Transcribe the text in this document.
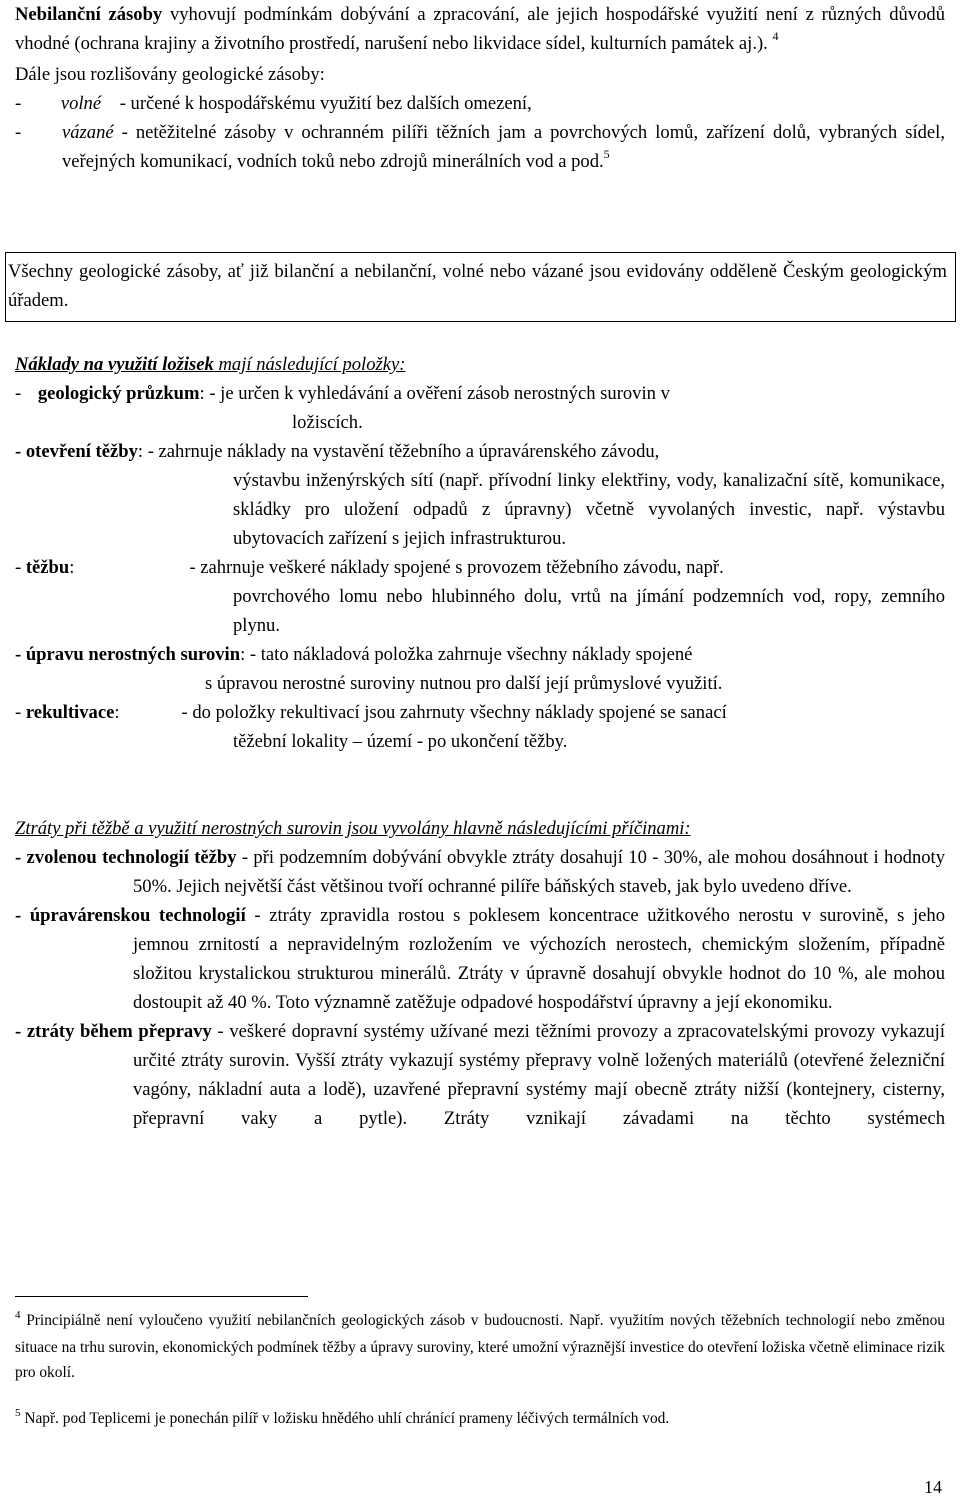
Nebilanční zásoby vyhovují podmínkám dobývání a zpracování, ale jejich hospodářské využití není z různých důvodů vhodné (ochrana krajiny a životního prostředí, narušení nebo likvidace sídel, kulturních památek aj.). $^4$

Dále jsou rozlišovány geologické zásoby:

- volné    - určené k hospodářskému využití bez dalších omezení,

-	vázané - netěžitelné zásoby v ochranném pilíři těžních jam a povrchových lomů, zařízení dolů, vybraných sídel, veřejných komunikací, vodních toků nebo zdrojů minerálních vod a pod.$^5$

Všechny geologické zásoby, ať již bilanční a nebilanční, volné nebo vázané jsou evidovány odděleně Českým geologickým úřadem.

Náklady na využití ložisek mají následující položky:

- geologický průzkum: - je určen k vyhledávání a ověření zásob nerostných surovin v

ložiscích.

- otevření těžby: - zahrnuje náklady na vystavění těžebního a úpravárenského závodu,

výstavbu inženýrských sítí (např. přívodní linky elektřiny, vody, kanalizační sítě, komunikace, skládky pro uložení odpadů z úpravny) včetně vyvolaných investic, např. výstavbu ubytovacích zařízení s jejich infrastrukturou.

- těžbu:	- zahrnuje veškeré náklady spojené s provozem těžebního závodu, např.

povrchového lomu nebo hlubinného dolu, vrtů na jímání podzemních vod, ropy, zemního plynu.

- úpravu nerostných surovin: - tato nákladová položka zahrnuje všechny náklady spojené

s úpravou nerostné suroviny nutnou pro další její průmyslové využití.

- rekultivace:	- do položky rekultivací jsou zahrnuty všechny náklady spojené se sanací

těžební lokality – území - po ukončení těžby.

Ztráty při těžbě a využití nerostných surovin jsou vyvolány hlavně následujícími příčinami:

- zvolenou technologií těžby - při podzemním dobývání obvykle ztráty dosahují 10 - 30%, ale mohou dosáhnout i hodnoty 50%. Jejich největší část většinou tvoří ochranné pilíře báňských staveb, jak bylo uvedeno dříve.

- úpravárenskou technologií - ztráty zpravidla rostou s poklesem koncentrace užitkového nerostu v surovině, s jeho jemnou zrnitostí a nepravidelným rozložením ve výchozích nerostech, chemickým složením, případně složitou krystalickou strukturou minerálů. Ztráty v úpravně dosahují obvykle hodnot do 10 %, ale mohou dostoupit až 40 %. Toto významně zatěžuje odpadové hospodářství úpravny a její ekonomiku.

- ztráty během přepravy - veškeré dopravní systémy užívané mezi těžními provozy a zpracovatelskými provozy vykazují určité ztráty surovin. Vyšší ztráty vykazují systémy přepravy volně ložených materiálů (otevřené železniční vagóny, nákladní auta a lodě), uzavřené přepravní systémy mají obecně ztráty nižší (kontejnery, cisterny, přepravní vaky a pytle). Ztráty vznikají závadami na těchto systémech

$^4$ Principiálně není vyloučeno využití nebilančních geologických zásob v budoucnosti. Např. využitím nových těžebních technologií nebo změnou situace na trhu surovin, ekonomických podmínek těžby a úpravy suroviny, které umožní výraznější investice do otevření ložiska včetně eliminace rizik pro okolí.

$^5$ Např. pod Teplicemi je ponechán pilíř v ložisku hnědého uhlí chránící prameny léčivých termálních vod.

14
